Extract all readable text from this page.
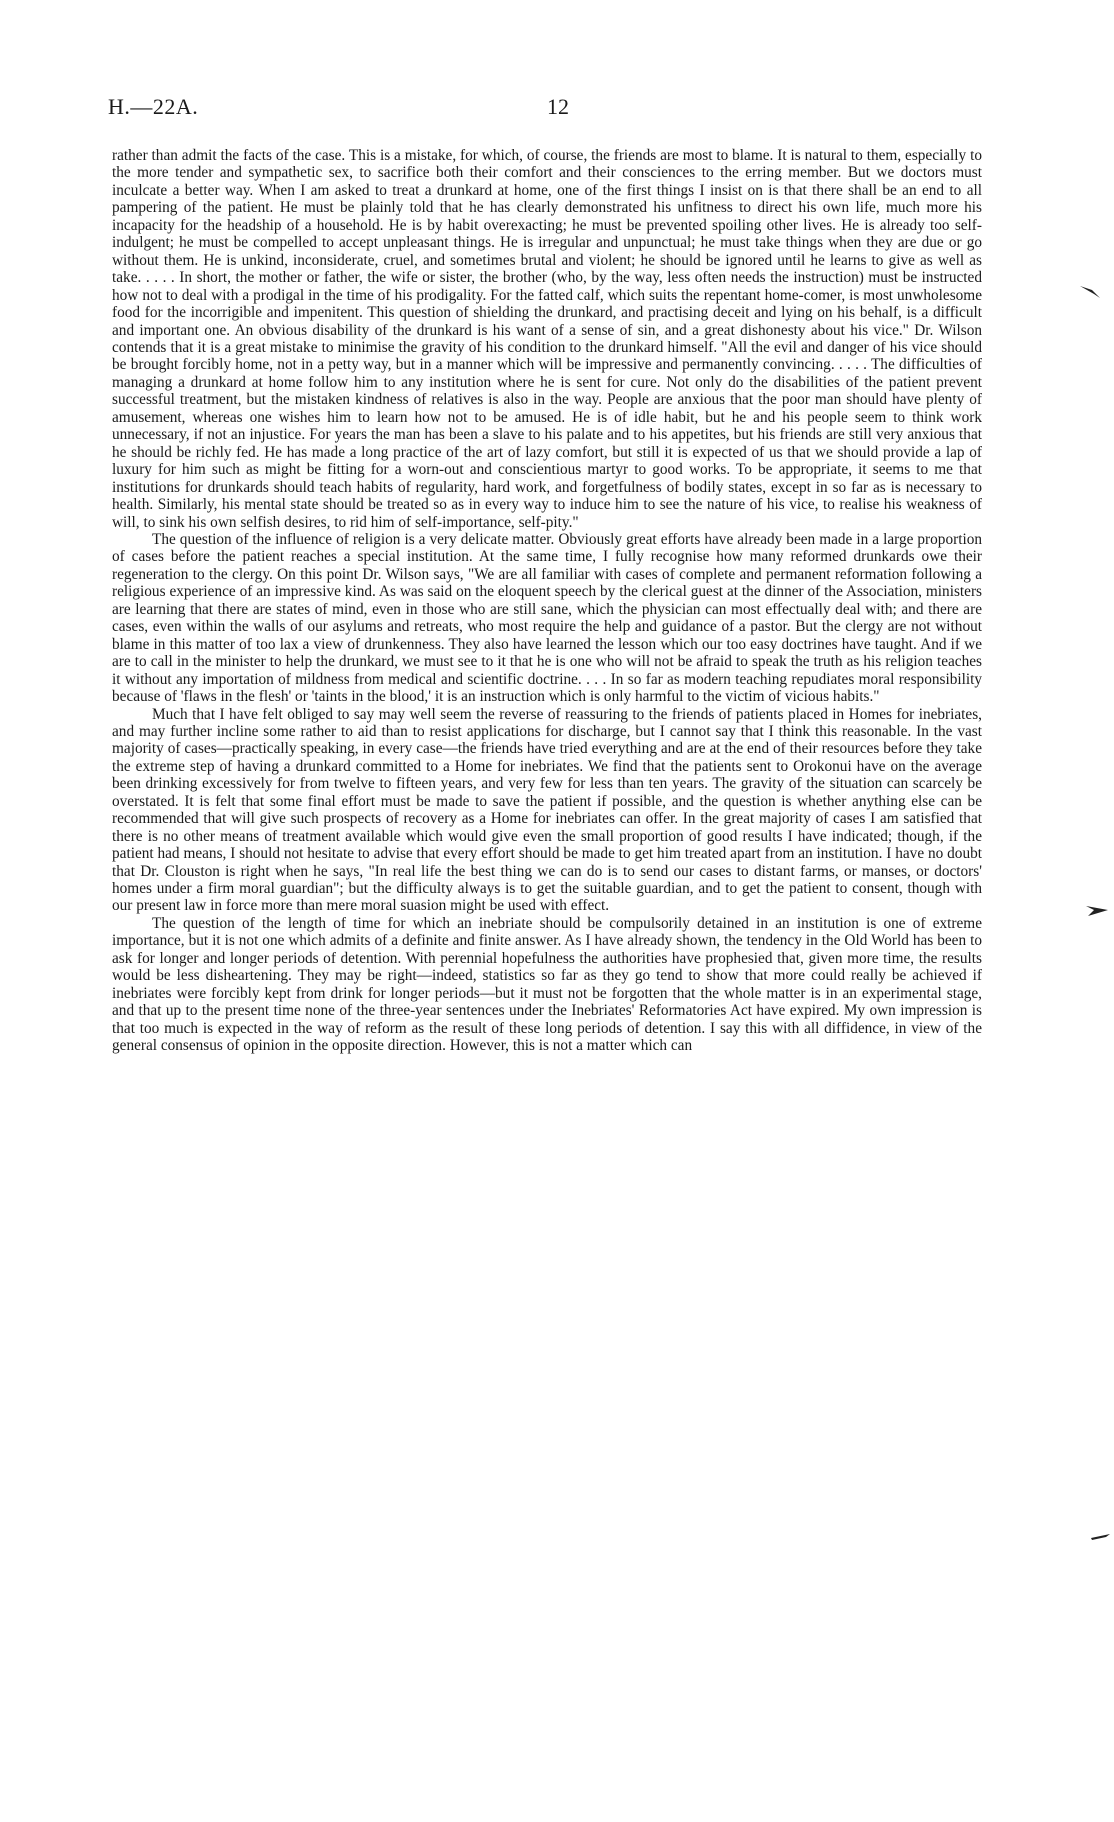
H.—22A.	12

rather than admit the facts of the case. This is a mistake, for which, of course, the friends are most to blame. It is natural to them, especially to the more tender and sympathetic sex, to sacrifice both their comfort and their consciences to the erring member. But we doctors must inculcate a better way. When I am asked to treat a drunkard at home, one of the first things I insist on is that there shall be an end to all pampering of the patient. He must be plainly told that he has clearly demonstrated his unfitness to direct his own life, much more his incapacity for the headship of a household. He is by habit overexacting; he must be prevented spoiling other lives. He is already too self-indulgent; he must be compelled to accept unpleasant things. He is irregular and unpunctual; he must take things when they are due or go without them. He is unkind, inconsiderate, cruel, and sometimes brutal and violent; he should be ignored until he learns to give as well as take. . . . . In short, the mother or father, the wife or sister, the brother (who, by the way, less often needs the instruction) must be instructed how not to deal with a prodigal in the time of his prodigality. For the fatted calf, which suits the repentant home-comer, is most unwholesome food for the incorrigible and impenitent. This question of shielding the drunkard, and practising deceit and lying on his behalf, is a difficult and important one. An obvious disability of the drunkard is his want of a sense of sin, and a great dishonesty about his vice." Dr. Wilson contends that it is a great mistake to minimise the gravity of his condition to the drunkard himself. "All the evil and danger of his vice should be brought forcibly home, not in a petty way, but in a manner which will be impressive and permanently convincing. . . . . The difficulties of managing a drunkard at home follow him to any institution where he is sent for cure. Not only do the disabilities of the patient prevent successful treatment, but the mistaken kindness of relatives is also in the way. People are anxious that the poor man should have plenty of amusement, whereas one wishes him to learn how not to be amused. He is of idle habit, but he and his people seem to think work unnecessary, if not an injustice. For years the man has been a slave to his palate and to his appetites, but his friends are still very anxious that he should be richly fed. He has made a long practice of the art of lazy comfort, but still it is expected of us that we should provide a lap of luxury for him such as might be fitting for a worn-out and conscientious martyr to good works. To be appropriate, it seems to me that institutions for drunkards should teach habits of regularity, hard work, and forgetfulness of bodily states, except in so far as is necessary to health. Similarly, his mental state should be treated so as in every way to induce him to see the nature of his vice, to realise his weakness of will, to sink his own selfish desires, to rid him of self-importance, self-pity."

The question of the influence of religion is a very delicate matter. Obviously great efforts have already been made in a large proportion of cases before the patient reaches a special institution. At the same time, I fully recognise how many reformed drunkards owe their regeneration to the clergy. On this point Dr. Wilson says, "We are all familiar with cases of complete and permanent reformation following a religious experience of an impressive kind. As was said on the eloquent speech by the clerical guest at the dinner of the Association, ministers are learning that there are states of mind, even in those who are still sane, which the physician can most effectually deal with; and there are cases, even within the walls of our asylums and retreats, who most require the help and guidance of a pastor. But the clergy are not without blame in this matter of too lax a view of drunkenness. They also have learned the lesson which our too easy doctrines have taught. And if we are to call in the minister to help the drunkard, we must see to it that he is one who will not be afraid to speak the truth as his religion teaches it without any importation of mildness from medical and scientific doctrine. . . . In so far as modern teaching repudiates moral responsibility because of 'flaws in the flesh' or 'taints in the blood,' it is an instruction which is only harmful to the victim of vicious habits."

Much that I have felt obliged to say may well seem the reverse of reassuring to the friends of patients placed in Homes for inebriates, and may further incline some rather to aid than to resist applications for discharge, but I cannot say that I think this reasonable. In the vast majority of cases—practically speaking, in every case—the friends have tried everything and are at the end of their resources before they take the extreme step of having a drunkard committed to a Home for inebriates. We find that the patients sent to Orokonui have on the average been drinking excessively for from twelve to fifteen years, and very few for less than ten years. The gravity of the situation can scarcely be overstated. It is felt that some final effort must be made to save the patient if possible, and the question is whether anything else can be recommended that will give such prospects of recovery as a Home for inebriates can offer. In the great majority of cases I am satisfied that there is no other means of treatment available which would give even the small proportion of good results I have indicated; though, if the patient had means, I should not hesitate to advise that every effort should be made to get him treated apart from an institution. I have no doubt that Dr. Clouston is right when he says, "In real life the best thing we can do is to send our cases to distant farms, or manses, or doctors' homes under a firm moral guardian"; but the difficulty always is to get the suitable guardian, and to get the patient to consent, though with our present law in force more than mere moral suasion might be used with effect.

The question of the length of time for which an inebriate should be compulsorily detained in an institution is one of extreme importance, but it is not one which admits of a definite and finite answer. As I have already shown, the tendency in the Old World has been to ask for longer and longer periods of detention. With perennial hopefulness the authorities have prophesied that, given more time, the results would be less disheartening. They may be right—indeed, statistics so far as they go tend to show that more could really be achieved if inebriates were forcibly kept from drink for longer periods—but it must not be forgotten that the whole matter is in an experimental stage, and that up to the present time none of the three-year sentences under the Inebriates' Reformatories Act have expired. My own impression is that too much is expected in the way of reform as the result of these long periods of detention. I say this with all diffidence, in view of the general consensus of opinion in the opposite direction. However, this is not a matter which can
